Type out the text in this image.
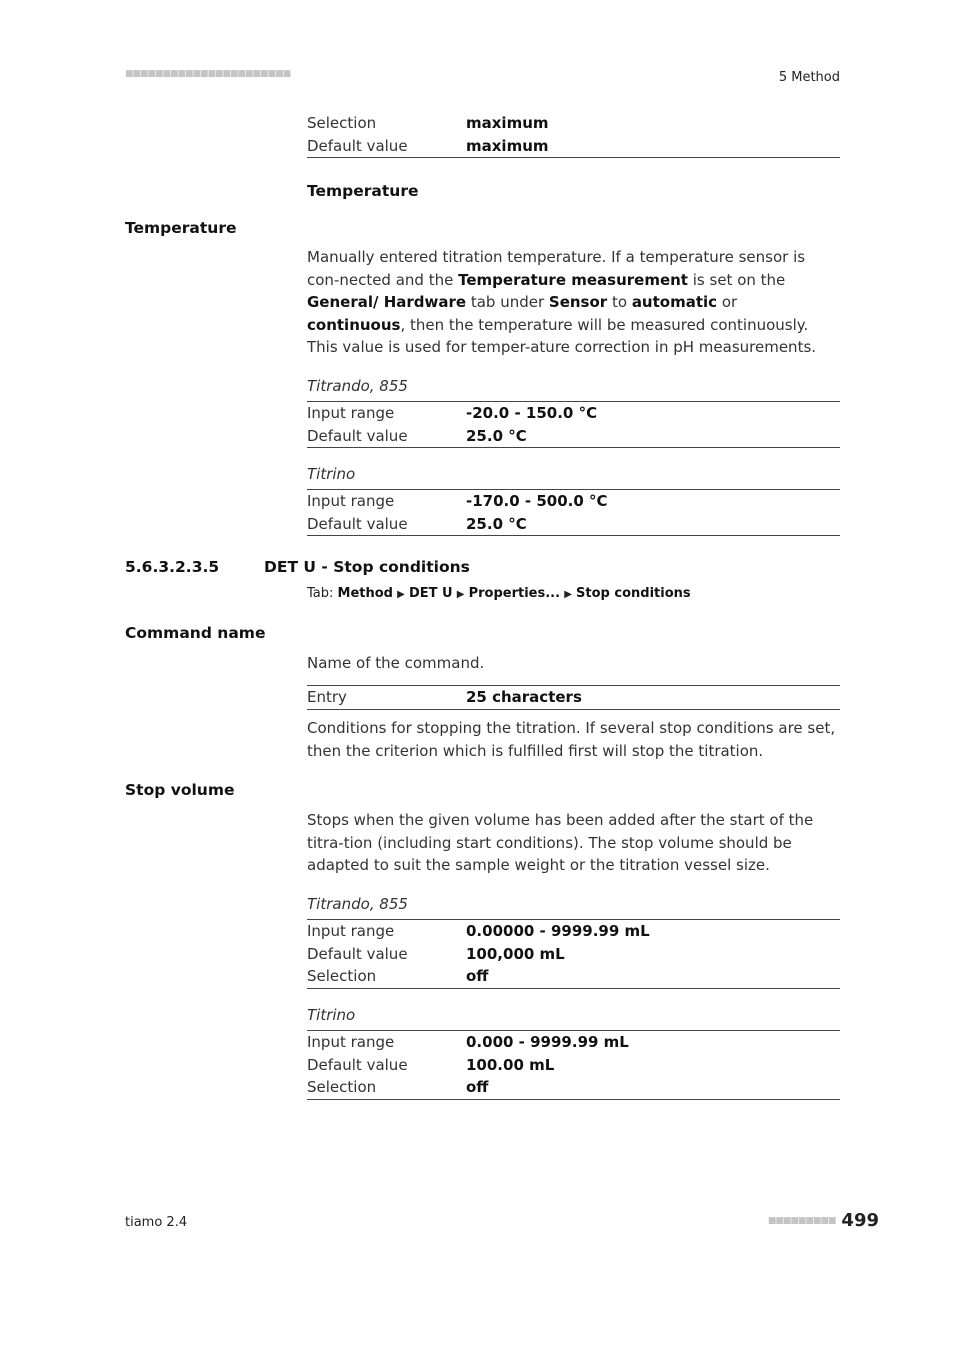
■■■■■■■■■■■■■■■■■■■■■■	5 Method
Selection	maximum
Default value	maximum
Temperature
Temperature
Manually entered titration temperature. If a temperature sensor is con-nected and the Temperature measurement is set on the General/ Hardware tab under Sensor to automatic or continuous, then the temperature will be measured continuously. This value is used for temper-ature correction in pH measurements.
Titrando, 855
Input range	-20.0 - 150.0 °C
Default value	25.0 °C
Titrino
Input range	-170.0 - 500.0 °C
Default value	25.0 °C
5.6.3.2.3.5	DET U - Stop conditions
Tab: Method ▶ DET U ▶ Properties... ▶ Stop conditions
Command name
Name of the command.
Entry	25 characters
Conditions for stopping the titration. If several stop conditions are set, then the criterion which is fulfilled first will stop the titration.
Stop volume
Stops when the given volume has been added after the start of the titra-tion (including start conditions). The stop volume should be adapted to suit the sample weight or the titration vessel size.
Titrando, 855
Input range	0.00000 - 9999.99 mL
Default value	100,000 mL
Selection	off
Titrino
Input range	0.000 - 9999.99 mL
Default value	100.00 mL
Selection	off
tiamo 2.4	■■■■■■■■■ 499
